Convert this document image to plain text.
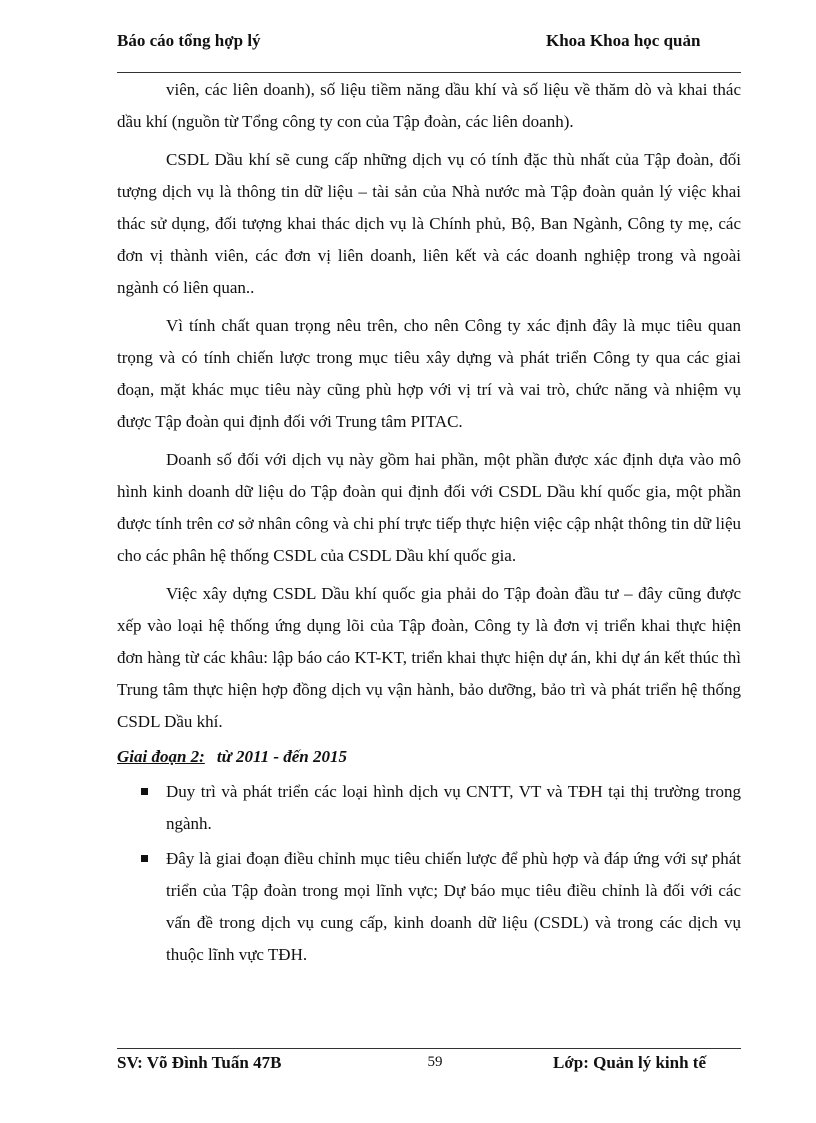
Báo cáo tổng hợp lý	Khoa Khoa học quản

viên, các liên doanh), số liệu tiềm năng dầu khí và số liệu về thăm dò và khai thác dầu khí (nguồn từ Tổng công ty con của Tập đoàn, các liên doanh).

CSDL Dầu khí sẽ cung cấp những dịch vụ có tính đặc thù nhất của Tập đoàn, đối tượng dịch vụ là thông tin dữ liệu – tài sản của Nhà nước mà Tập đoàn quản lý việc khai thác sử dụng, đối tượng khai thác dịch vụ là Chính phủ, Bộ, Ban Ngành, Công ty mẹ, các đơn vị thành viên, các đơn vị liên doanh, liên kết và các doanh nghiệp trong và ngoài ngành có liên quan..

Vì tính chất quan trọng nêu trên, cho nên Công ty xác định đây là mục tiêu quan trọng và có tính chiến lược trong mục tiêu xây dựng và phát triển Công ty qua các giai đoạn, mặt khác mục tiêu này cũng phù hợp với vị trí và vai trò, chức năng và nhiệm vụ được Tập đoàn qui định đối với Trung tâm PITAC.

Doanh số đối với dịch vụ này gồm hai phần, một phần được xác định dựa vào mô hình kinh doanh dữ liệu do Tập đoàn qui định đối với CSDL Dầu khí quốc gia, một phần được tính trên cơ sở nhân công và chi phí trực tiếp thực hiện việc cập nhật thông tin dữ liệu cho các phân hệ thống CSDL của CSDL Dầu khí quốc gia.

Việc xây dựng CSDL Dầu khí quốc gia phải do Tập đoàn đầu tư – đây cũng được xếp vào loại hệ thống ứng dụng lõi của Tập đoàn, Công ty là đơn vị triển khai thực hiện đơn hàng từ các khâu: lập báo cáo KT-KT, triển khai thực hiện dự án, khi dự án kết thúc thì Trung tâm thực hiện hợp đồng dịch vụ vận hành, bảo dưỡng, bảo trì và phát triển hệ thống CSDL Dầu khí.

Giai đoạn 2: từ 2011 - đến 2015
Duy trì và phát triển các loại hình dịch vụ CNTT, VT và TĐH tại thị trường trong ngành.
Đây là giai đoạn điều chỉnh mục tiêu chiến lược để phù hợp và đáp ứng với sự phát triển của Tập đoàn trong mọi lĩnh vực; Dự báo mục tiêu điều chỉnh là đối với các vấn đề trong dịch vụ cung cấp, kinh doanh dữ liệu (CSDL) và trong các dịch vụ thuộc lĩnh vực TĐH.
SV: Võ Đình Tuấn 47B	59	Lớp: Quản lý kinh tế
